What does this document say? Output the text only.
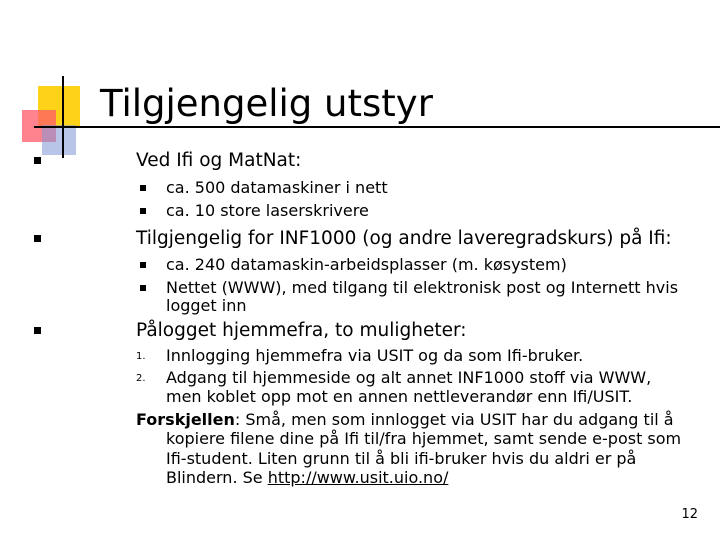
Tilgjengelig utstyr
Ved Ifi og MatNat:
ca. 500 datamaskiner i nett
ca. 10 store laserskrivere
Tilgjengelig for INF1000 (og andre laveregradskurs) på Ifi:
ca. 240 datamaskin-arbeidsplasser (m. køsystem)
Nettet (WWW), med tilgang til elektronisk post og Internett hvis
logget inn
Pålogget hjemmefra, to muligheter:
1. Innlogging hjemmefra via USIT og da som Ifi-bruker.
2. Adgang til hjemmeside og alt annet INF1000 stoff via WWW,
men koblet opp mot en annen nettleverandør enn Ifi/USIT.
Forskjellen: Små, men som innlogget via USIT har du adgang til å
kopiere filene dine på Ifi til/fra hjemmet, samt sende e-post som
Ifi-student. Liten grunn til å bli ifi-bruker hvis du aldri er på
Blindern. Se http://www.usit.uio.no/
12
